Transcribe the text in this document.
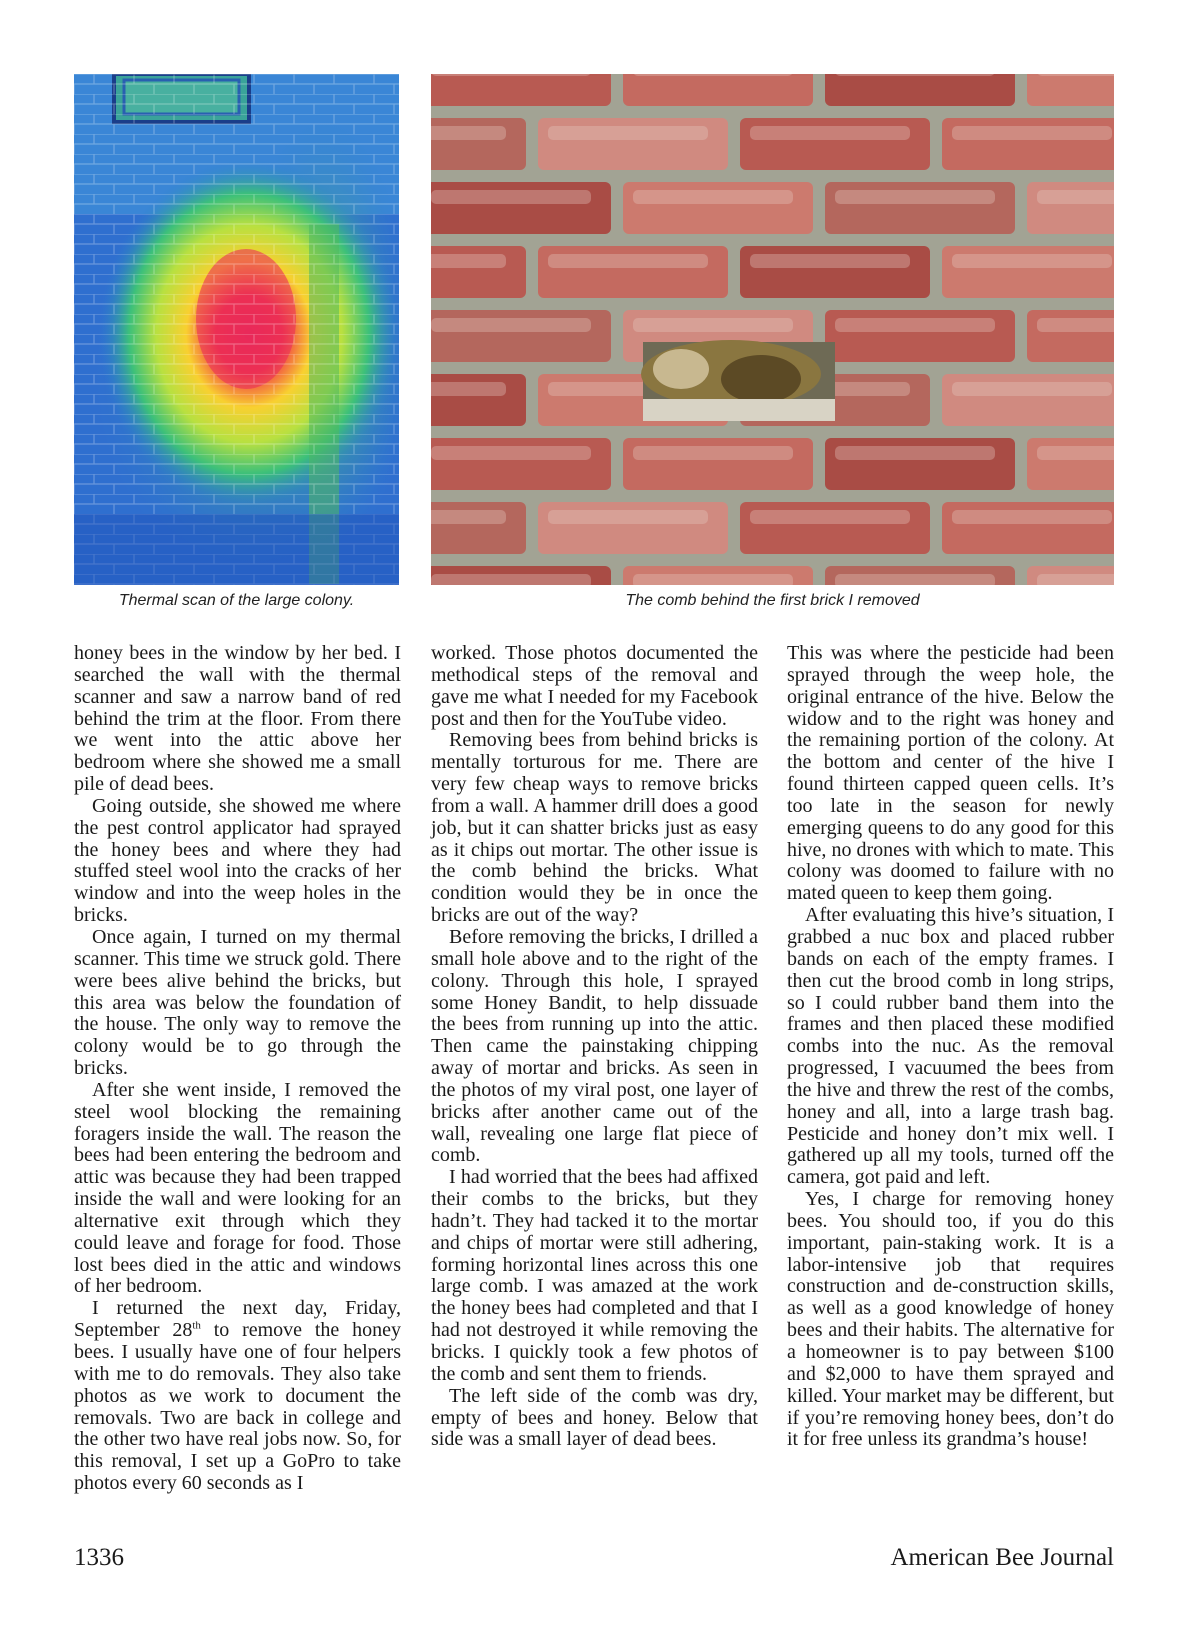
Thermal scan of the large colony.	The comb behind the first brick I removed

honey bees in the window by her bed. I searched the wall with the thermal scanner and saw a narrow band of red behind the trim at the floor. From there we went into the attic above her bedroom where she showed me a small pile of dead bees.

Going outside, she showed me where the pest control applicator had sprayed the honey bees and where they had stuffed steel wool into the cracks of her window and into the weep holes in the bricks.

Once again, I turned on my thermal scanner. This time we struck gold. There were bees alive behind the bricks, but this area was below the foundation of the house. The only way to remove the colony would be to go through the bricks.

After she went inside, I removed the steel wool blocking the remaining foragers inside the wall. The reason the bees had been entering the bedroom and attic was because they had been trapped inside the wall and were looking for an alternative exit through which they could leave and forage for food. Those lost bees died in the attic and windows of her bedroom.

I returned the next day, Friday, September 28th to remove the honey bees. I usually have one of four helpers with me to do removals. They also take photos as we work to document the removals. Two are back in college and the other two have real jobs now. So, for this removal, I set up a GoPro to take photos every 60 seconds as I

worked. Those photos documented the methodical steps of the removal and gave me what I needed for my Facebook post and then for the YouTube video.

Removing bees from behind bricks is mentally torturous for me. There are very few cheap ways to remove bricks from a wall. A hammer drill does a good job, but it can shatter bricks just as easy as it chips out mortar. The other issue is the comb behind the bricks. What condition would they be in once the bricks are out of the way?

Before removing the bricks, I drilled a small hole above and to the right of the colony. Through this hole, I sprayed some Honey Bandit, to help dissuade the bees from running up into the attic. Then came the painstaking chipping away of mortar and bricks. As seen in the photos of my viral post, one layer of bricks after another came out of the wall, revealing one large flat piece of comb.

I had worried that the bees had affixed their combs to the bricks, but they hadn’t. They had tacked it to the mortar and chips of mortar were still adhering, forming horizontal lines across this one large comb. I was amazed at the work the honey bees had completed and that I had not destroyed it while removing the bricks. I quickly took a few photos of the comb and sent them to friends.

The left side of the comb was dry, empty of bees and honey. Below that side was a small layer of dead bees.

This was where the pesticide had been sprayed through the weep hole, the original entrance of the hive. Below the widow and to the right was honey and the remaining portion of the colony. At the bottom and center of the hive I found thirteen capped queen cells. It’s too late in the season for newly emerging queens to do any good for this hive, no drones with which to mate. This colony was doomed to failure with no mated queen to keep them going.

After evaluating this hive’s situation, I grabbed a nuc box and placed rubber bands on each of the empty frames. I then cut the brood comb in long strips, so I could rubber band them into the frames and then placed these modified combs into the nuc. As the removal progressed, I vacuumed the bees from the hive and threw the rest of the combs, honey and all, into a large trash bag. Pesticide and honey don’t mix well. I gathered up all my tools, turned off the camera, got paid and left.

Yes, I charge for removing honey bees. You should too, if you do this important, pain-staking work. It is a labor-intensive job that requires construction and de-construction skills, as well as a good knowledge of honey bees and their habits. The alternative for a homeowner is to pay between $100 and $2,000 to have them sprayed and killed. Your market may be different, but if you’re removing honey bees, don’t do it for free unless its grandma’s house!

1336	American Bee Journal
